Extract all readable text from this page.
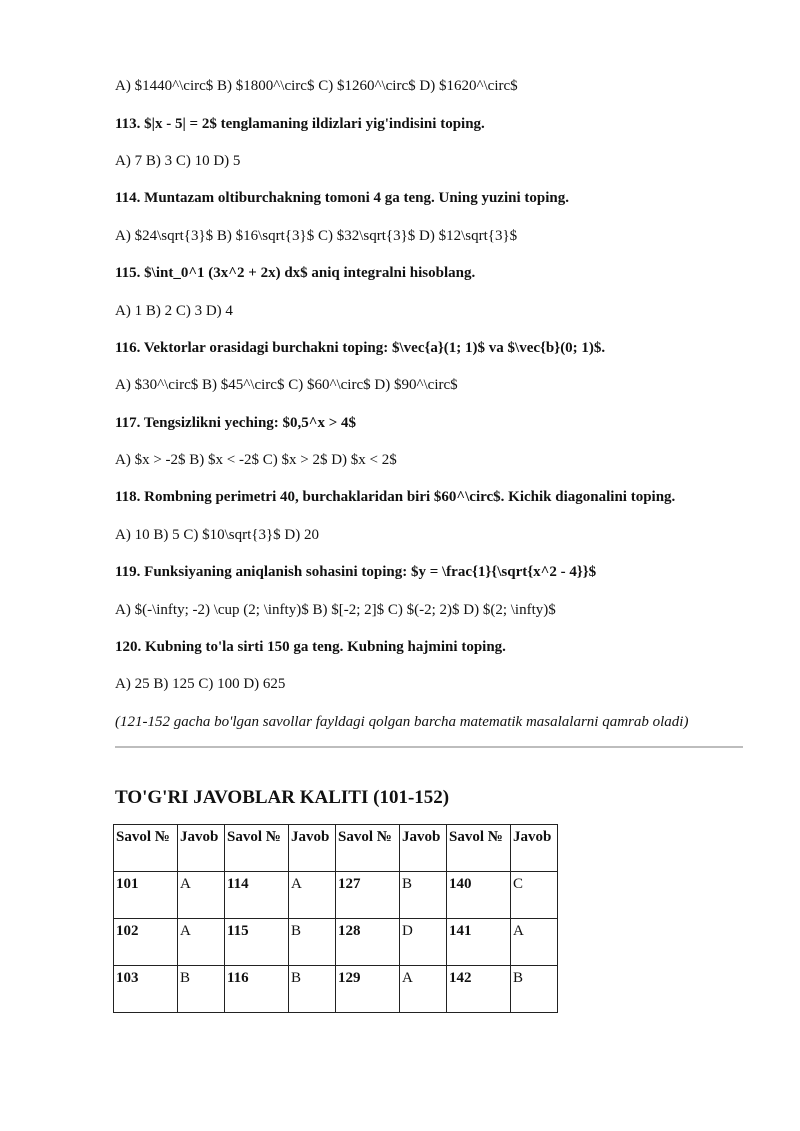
A) $1440^\circ$ B) $1800^\circ$ C) $1260^\circ$ D) $1620^\circ$
113. $|x - 5| = 2$ tenglamaning ildizlari yig'indisini toping.
A) 7 B) 3 C) 10 D) 5
114. Muntazam oltiburchakning tomoni 4 ga teng. Uning yuzini toping.
A) $24\sqrt{3}$ B) $16\sqrt{3}$ C) $32\sqrt{3}$ D) $12\sqrt{3}$
115. $\int_0^1 (3x^2 + 2x) dx$ aniq integralni hisoblang.
A) 1 B) 2 C) 3 D) 4
116. Vektorlar orasidagi burchakni toping: $\vec{a}(1; 1)$ va $\vec{b}(0; 1)$.
A) $30^\circ$ B) $45^\circ$ C) $60^\circ$ D) $90^\circ$
117. Tengsizlikni yeching: $0,5^x > 4$
A) $x > -2$ B) $x < -2$ C) $x > 2$ D) $x < 2$
118. Rombning perimetri 40, burchaklaridan biri $60^\circ$. Kichik diagonalini toping.
A) 10 B) 5 C) $10\sqrt{3}$ D) 20
119. Funksiyaning aniqlanish sohasini toping: $y = \frac{1}{\sqrt{x^2 - 4}}$
A) $(-\infty; -2) \cup (2; \infty)$ B) $[-2; 2]$ C) $(-2; 2)$ D) $(2; \infty)$
120. Kubning to'la sirti 150 ga teng. Kubning hajmini toping.
A) 25 B) 125 C) 100 D) 625
(121-152 gacha bo'lgan savollar fayldagi qolgan barcha matematik masalalarni qamrab oladi)
TO'G'RI JAVOBLAR KALITI (101-152)
Savol №	Javob	Savol №	Javob	Savol №	Javob	Savol №	Javob
101	A	114	A	127	B	140	C
102	A	115	B	128	D	141	A
103	B	116	B	129	A	142	B
